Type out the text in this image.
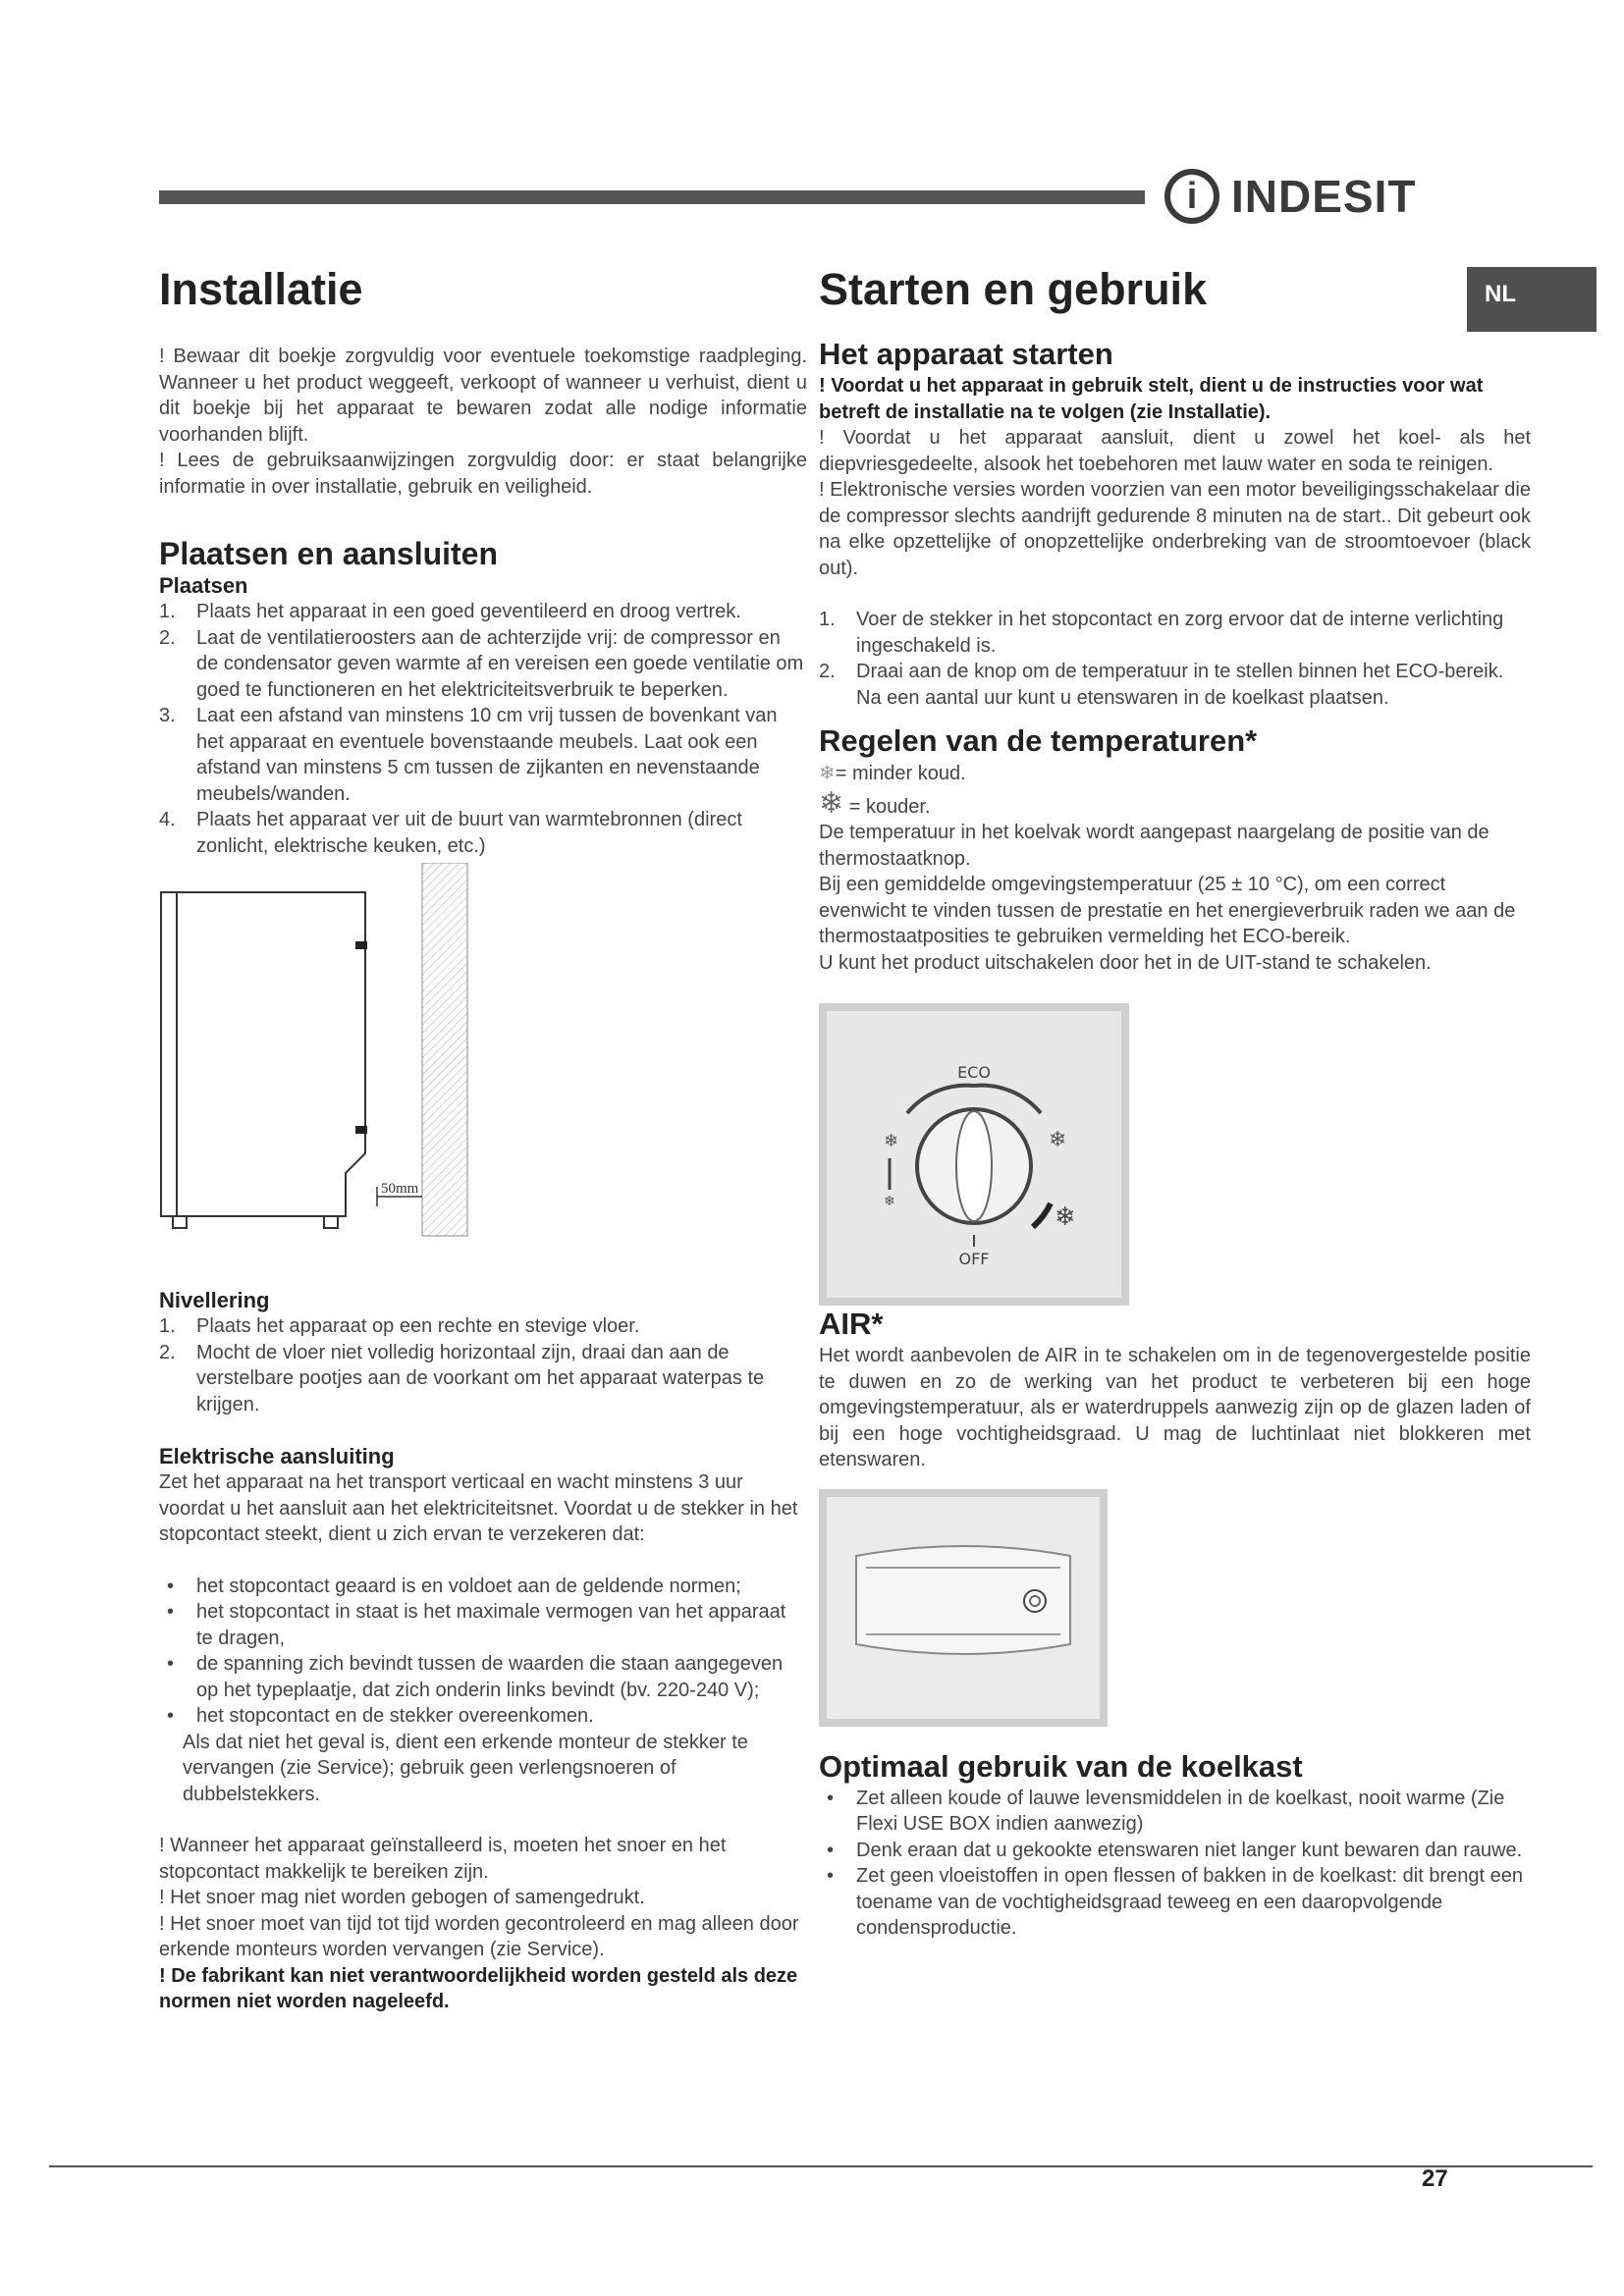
i INDESIT
NL
Installatie

! Bewaar dit boekje zorgvuldig voor eventuele toekomstige raadpleging. Wanneer u het product weggeeft, verkoopt of wanneer u verhuist, dient u dit boekje bij het apparaat te bewaren zodat alle nodige informatie voorhanden blijft.

! Lees de gebruiksaanwijzingen zorgvuldig door: er staat belangrijke informatie in over installatie, gebruik en veiligheid.

Plaatsen en aansluiten
Plaatsen
1. Plaats het apparaat in een goed geventileerd en droog vertrek.
2. Laat de ventilatieroosters aan de achterzijde vrij: de compressor en de condensator geven warmte af en vereisen een goede ventilatie om goed te functioneren en het elektriciteitsverbruik te beperken.
3. Laat een afstand van minstens 10 cm vrij tussen de bovenkant van het apparaat en eventuele bovenstaande meubels. Laat ook een afstand van minstens 5 cm tussen de zijkanten en nevenstaande meubels/wanden.
4. Plaats het apparaat ver uit de buurt van warmtebronnen (direct zonlicht, elektrische keuken, etc.)
50mm
Nivellering
1. Plaats het apparaat op een rechte en stevige vloer.
2. Mocht de vloer niet volledig horizontaal zijn, draai dan aan de verstelbare pootjes aan de voorkant om het apparaat waterpas te krijgen.
Elektrische aansluiting

Zet het apparaat na het transport verticaal en wacht minstens 3 uur voordat u het aansluit aan het elektriciteitsnet. Voordat u de stekker in het stopcontact steekt, dient u zich ervan te verzekeren dat:

• het stopcontact geaard is en voldoet aan de geldende normen;
• het stopcontact in staat is het maximale vermogen van het apparaat te dragen,
• de spanning zich bevindt tussen de waarden die staan aangegeven op het typeplaatje, dat zich onderin links bevindt (bv. 220-240 V);
• het stopcontact en de stekker overeenkomen.

Als dat niet het geval is, dient een erkende monteur de stekker te vervangen (zie Service); gebruik geen verlengsnoeren of dubbelstekkers.

! Wanneer het apparaat geïnstalleerd is, moeten het snoer en het stopcontact makkelijk te bereiken zijn.

! Het snoer mag niet worden gebogen of samengedrukt.

! Het snoer moet van tijd tot tijd worden gecontroleerd en mag alleen door erkende monteurs worden vervangen (zie Service).

! De fabrikant kan niet verantwoordelijkheid worden gesteld als deze normen niet worden nageleefd.

Starten en gebruik
Het apparaat starten

! Voordat u het apparaat in gebruik stelt, dient u de instructies voor wat betreft de installatie na te volgen (zie Installatie).

! Voordat u het apparaat aansluit, dient u zowel het koel- als het diepvriesgedeelte, alsook het toebehoren met lauw water en soda te reinigen.

! Elektronische versies worden voorzien van een motor beveiligingsschakelaar die de compressor slechts aandrijft gedurende 8 minuten na de start.. Dit gebeurt ook na elke opzettelijke of onopzettelijke onderbreking van de stroomtoevoer (black out).

1. Voer de stekker in het stopcontact en zorg ervoor dat de interne verlichting ingeschakeld is.
2. Draai aan de knop om de temperatuur in te stellen binnen het ECO-bereik. Na een aantal uur kunt u etenswaren in de koelkast plaatsen.
Regelen van de temperaturen*
❄= minder koud.
❄ = kouder.

De temperatuur in het koelvak wordt aangepast naargelang de positie van de thermostaatknop.

Bij een gemiddelde omgevingstemperatuur (25 ± 10 °C), om een correct evenwicht te vinden tussen de prestatie en het energieverbruik raden we aan de thermostaatposities te gebruiken vermelding het ECO-bereik.

U kunt het product uitschakelen door het in de UIT-stand te schakelen.

ECO
❄
❄
❄
❄
OFF
AIR*

Het wordt aanbevolen de AIR in te schakelen om in de tegenovergestelde positie te duwen en zo de werking van het product te verbeteren bij een hoge omgevingstemperatuur, als er waterdruppels aanwezig zijn op de glazen laden of bij een hoge vochtigheidsgraad. U mag de luchtinlaat niet blokkeren met etenswaren.

Optimaal gebruik van de koelkast
• Zet alleen koude of lauwe levensmiddelen in de koelkast, nooit warme (Zie Flexi USE BOX indien aanwezig)
• Denk eraan dat u gekookte etenswaren niet langer kunt bewaren dan rauwe.
• Zet geen vloeistoffen in open flessen of bakken in de koelkast: dit brengt een toename van de vochtigheidsgraad teweeg en een daaropvolgende condensproductie.
27
